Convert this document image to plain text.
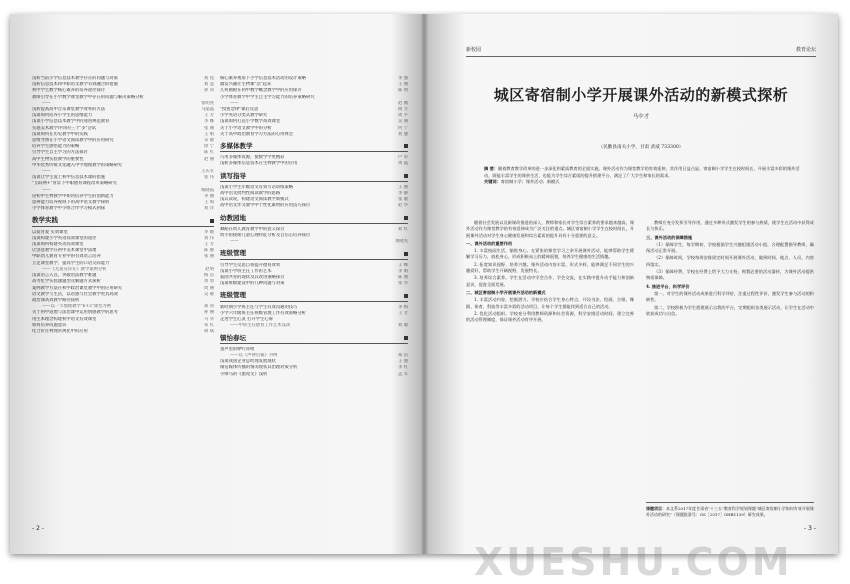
浅析当前小学信息技术教学存在的问题与对策	刘 莲
浅析信息技术和中职语文教学有效融合的措施	刘 慧
初中学生数学核心素养的培养途径探讨	孙 涛
教师引导在小学数学课堂教学中存在的问题与解决策略分析
——	张明亮
浅析提高高中音乐课堂教学效率的方法	马晶晶
浅谈如何培养小学生的思维能力	王 芳
浅谈小学信息技术教学中的递进规范教育	李 娜
实施美术教学评价的三个"多"尝试	张 丽
浅谈如何在历史教学中的实践	王 娟
思维导图在小学语文阅读教学中的应用研究	宋 敏
培养学生感悟能力的策略	徐 宁
引导学生自主学习的方法探讨	陈 红
高中生物实验教学的重要性	赵 丽
中华优秀传统文化融入中学地理教学的策略研究
——	王庆军
浅谈让学生爱上初中信息技术课的措施	张 伟
"互联网+"背景下中职德育课程改革策略研究
——	杨晓霞
论初中生物教学中如何培养学生的创新能力	李 刚
思辨能力培养视域下的高中语文教学探析	王 海
小学体育教学中小组合作学习模式初探	刘 洋
教学实践
以爱育爱 实效课堂	李 媛
浅谈构建小学英语高效课堂的途径	刘 伟
浅谈如何构建英语高效课堂	王 芳
让创意教学在初中美术课堂中落地	陈 静
中职幼儿教育专业中的有效语言培养	张 丽
立足课堂教学，提高学生的口语交际能力
——《无道兄你在》教学案例分析	赵明
浅谈语言入点，突破语法教学难题	杨 洁
高考化学实验题题型及解题方式探析	黄 勇
案例教学方法在初中政治课堂教学中的应用研究	周 丽
语文教学与生活，以语感与社会教学更具高效	吴 敏
政治课高效教学路径探析
——以一节地理教学"6+3"课堂为例	郑 涛
关于初中道德与法治课中运用情感教学的思考	孙 丽
用生本理念构建初中语文有效课堂	马 华
如何培养问题意识	朱 红
化合价在物理常规化中的应用	胡 斌
核心素养视角下小学信息技术活动的设计策略	李 强
激发兴趣让生物课"活"起来	王 丽
几何画板在初中数学概念教学中的应用探讨	陈 明
小学体育教学中学生自主学习能力的培养策略研究
——	赵 刚
"授鱼念律"课后反思	杨 芳
小学英语分类式教学研究	周 平
浅谈如何打造小学数学高效课堂	吴 丽
关于小学语文教学中的分析	何 宁
关于高中政治教育学习方法的心得体会	刘 强
多媒体教学
巧用多媒体资源，使数学学更精彩	卢 荣
浅析多媒体信息技术在生物教学中的应用	黄 磊
读写指导
浅谈小学生年级语文有效写话训练策略	王 丽
高中语文批判性阅读教学的思路	李 静
浅议读说，构建语文阅读教学新模式	张 敏
高中语文作文教学中个性化素材的应用技巧探讨	赵 华
幼教园地
舞蹈在幼儿教育教学中的意义探讨	刘 红
幼小衔接期儿童心理特征分析及自信心培养探讨
——	黄晓雯
班级管理
引导学生反思自我提升德育效果	王 峰
浅谈小学班主任工作的艺术	李 娟
家园共育的现状及其改进策略探讨	陈 丽
浅谈班级建设中的几种问题与对策	张 华
班级管理
新时期小学班主任与学生有效沟通的技巧	李 梅
小学六年级班主任班级管理工作有效策略分析	王 芳
走进学生心灵 打开学生心扉
——中班主任德育工作艺术浅谈	刘 敏
镇怡春坛
童声里的咿咛涛唱
——以《声律启蒙》为例	郑 洁
浅谈我国企业总经理发展现状	王 强
微信媒体传播的情况现状其治理对策分析	李 红
小师马的《悉苑文》浅析	孟 军
- 2 -
新校园	教育论坛
城区寄宿制小学开展课外活动的新模式探析
马中才
（民勤县南关小学，甘肃 武威 733300）
摘 要：随着教育教学改革的进一步深化和素质教育的全面实施，课外活动作为课堂教学的有效延伸，其作用日益凸显。寄宿制小学学生在校时间长，开展丰富多彩的课外活动，既能丰富学生的课余生活，也能为学生综合素质的提升搭建平台，满足了广大学生和家长的需求。
关键词：寄宿制小学；课外活动；新模式

随着社会发展以及新课改推进的深入，教师和家长对学生综合素养的要求越来越高，课外活动作为课堂教学的有效延伸成为广泛关注的重点。城区寄宿制小学学生在校时间长，开展课外活动对学生身心健康发展和综合素质的提升具有十分重要的意义。

一、课外活动的重要作用

1. 丰富校园生活，愉悦身心。在紧张的课堂学习之余开展课外活动，能够帮助学生缓解学习压力，放松身心，形成积极向上的精神面貌，培养学生健康的生活情趣。

2. 拓宽知识视野，培养兴趣。课外活动内容丰富，形式多样，能够满足不同学生的兴趣爱好，帮助学生开阔视野，发展特长。

3. 培养综合素养。学生在活动中学会合作、学会交流，在实践中提升动手能力和创新意识，促进全面发展。

二、城区寄宿制小学开展课外活动的新模式

1. 丰富活动内容，挖掘潜力。学校应结合学生身心特点，开设书法、绘画、合唱、舞蹈、体育、科技等丰富多彩的活动项目，让每个学生都能找到适合自己的活动。

2. 优化活动组织。学校充分利用教师资源和社会资源，科学安排活动时间，建立完善的活动管理制度，保证课外活动有序开展。

教师应充分发挥引导作用，通过多种形式激发学生的参与热情，使学生在活动中获得成长与快乐。

三、课外活动的保障措施

（1）保障学生，每学期初，学校根据学生兴趣组建活动小组，合理配置指导教师，确保活动正常开展。

（2）保障时间，学校每周安排固定时间开展课外活动，做到时间、地点、人员、内容四落实。

（3）保障经费，学校在经费上给予大力支持，购置必要的活动器材，为课外活动提供物质保障。

4. 推进平台，科学评价

第一，对学生的课外活动成果进行科学评价，注重过程性评价，激发学生参与活动的积极性。

第二，学校积极为学生搭建展示自我的平台，定期组织各类展示活动，让学生在活动中收获成功与自信。

课题项目：本文系2017年度甘肃省"十三五"教育科学规划课题"城区寄宿制小学如何有效开展课外活动的研究"（课题批准号：GS［2017］GHB1139）研究成果。
- 3 -
XUESHU.COM
